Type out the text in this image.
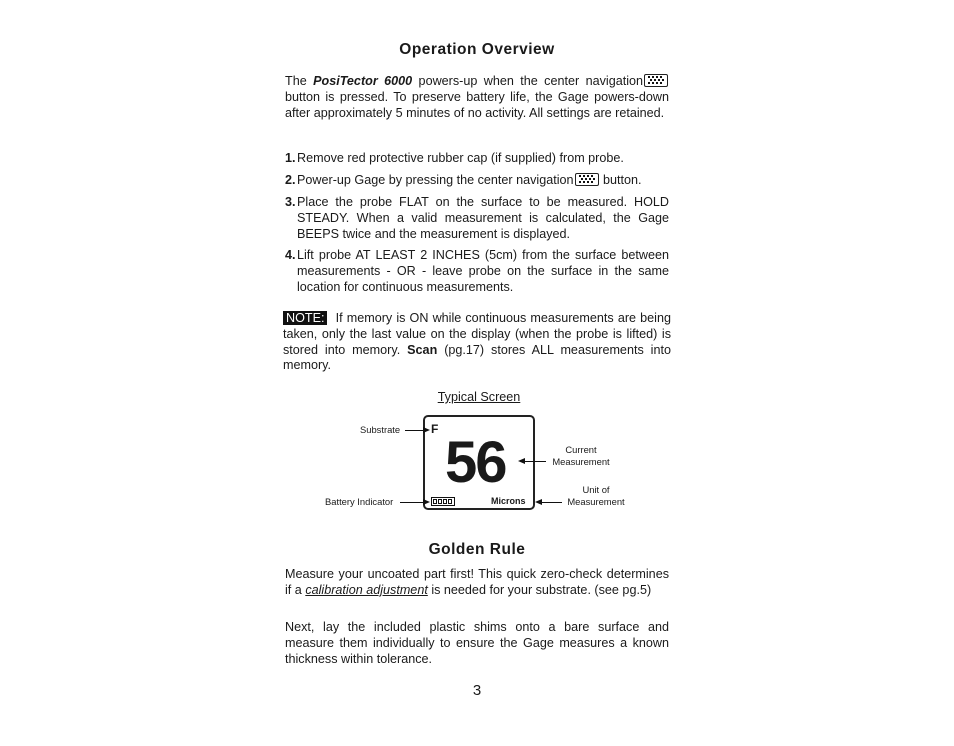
Operation Overview
The PosiTector 6000 powers-up when the center navigation
button is pressed. To preserve battery life, the Gage powers-down after approximately 5 minutes of no activity. All settings are retained.
1. Remove red protective rubber cap (if supplied) from probe.
2. Power-up Gage by pressing the center navigation
button.
3. Place the probe FLAT on the surface to be measured. HOLD STEADY. When a valid measurement is calculated, the Gage BEEPS twice and the measurement is displayed.
4. Lift probe AT LEAST 2 INCHES (5cm) from the surface between measurements - OR - leave probe on the surface in the same location for continuous measurements.
NOTE: If memory is ON while continuous measurements are being taken, only the last value on the display (when the probe is lifted) is stored into memory. Scan (pg.17) stores ALL measurements into memory.
Typical Screen
F
56
Microns
Substrate
Current
Measurement
Battery Indicator
Unit of
Measurement
Golden Rule
Measure your uncoated part first! This quick zero-check determines if a calibration adjustment is needed for your substrate. (see pg.5)
Next, lay the included plastic shims onto a bare surface and measure them individually to ensure the Gage measures a known thickness within tolerance.
3
